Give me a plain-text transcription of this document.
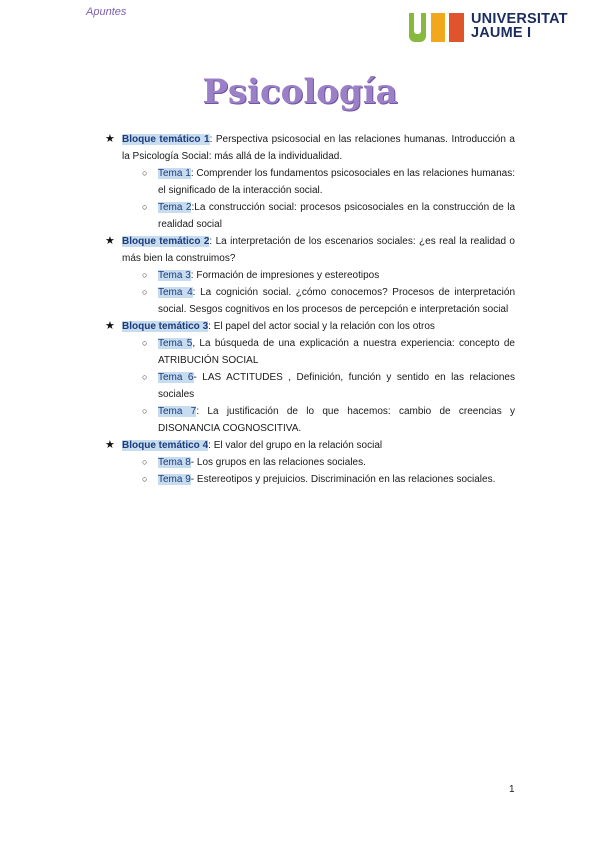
Apuntes	UNIVERSITAT
JAUME I
Psicología
★ Bloque temático 1: Perspectiva psicosocial en las relaciones humanas. Introducción a la Psicología Social: más allá de la individualidad.
○ Tema 1: Comprender los fundamentos psicosociales en las relaciones humanas: el significado de la interacción social.
○ Tema 2:La construcción social: procesos psicosociales en la construcción de la realidad social
★ Bloque temático 2: La interpretación de los escenarios sociales: ¿es real la realidad o más bien la construimos?
○ Tema 3: Formación de impresiones y estereotipos
○ Tema 4: La cognición social. ¿cómo conocemos? Procesos de interpretación social. Sesgos cognitivos en los procesos de percepción e interpretación social
★ Bloque temático 3: El papel del actor social y la relación con los otros
○ Tema 5, La búsqueda de una explicación a nuestra experiencia: concepto de ATRIBUCIÓN SOCIAL
○ Tema 6- LAS ACTITUDES , Definición, función y sentido en las relaciones sociales
○ Tema 7: La justificación de lo que hacemos: cambio de creencias y DISONANCIA COGNOSCITIVA.
★ Bloque temático 4: El valor del grupo en la relación social
○ Tema 8- Los grupos en las relaciones sociales.
○ Tema 9- Estereotipos y prejuicios. Discriminación en las relaciones sociales.
1
